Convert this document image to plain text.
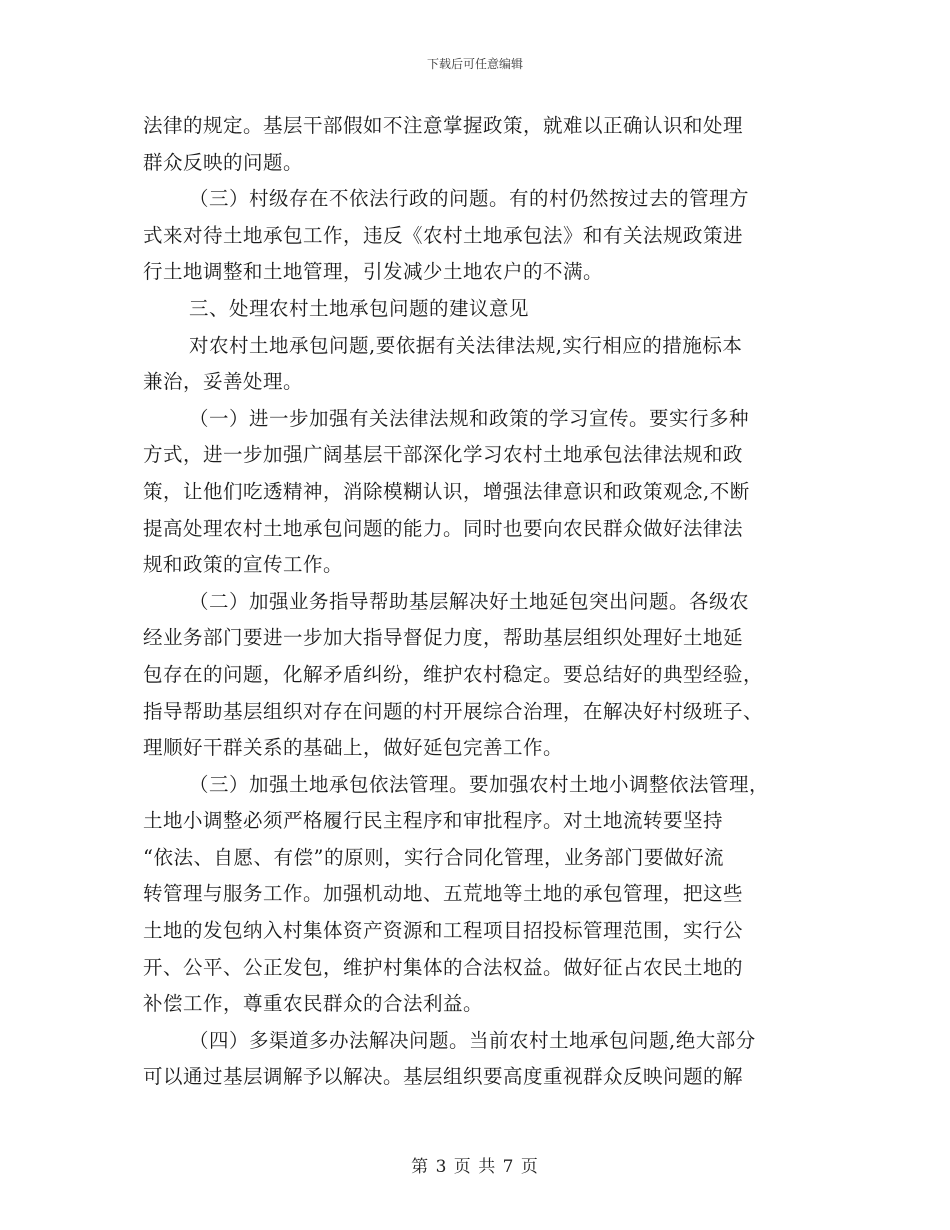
下载后可任意编辑
法律的规定。基层干部假如不注意掌握政策，就难以正确认识和处理
群众反映的问题。
（三）村级存在不依法行政的问题。有的村仍然按过去的管理方
式来对待土地承包工作，违反《农村土地承包法》和有关法规政策进
行土地调整和土地管理，引发减少土地农户的不满。
三、处理农村土地承包问题的建议意见
对农村土地承包问题,要依据有关法律法规,实行相应的措施标本
兼治，妥善处理。
（一）进一步加强有关法律法规和政策的学习宣传。要实行多种
方式，进一步加强广阔基层干部深化学习农村土地承包法律法规和政
策，让他们吃透精神，消除模糊认识，增强法律意识和政策观念,不断
提高处理农村土地承包问题的能力。同时也要向农民群众做好法律法
规和政策的宣传工作。
（二）加强业务指导帮助基层解决好土地延包突出问题。各级农
经业务部门要进一步加大指导督促力度，帮助基层组织处理好土地延
包存在的问题，化解矛盾纠纷，维护农村稳定。要总结好的典型经验，
指导帮助基层组织对存在问题的村开展综合治理，在解决好村级班子、
理顺好干群关系的基础上，做好延包完善工作。
（三）加强土地承包依法管理。要加强农村土地小调整依法管理，
土地小调整必须严格履行民主程序和审批程序。对土地流转要坚持
“依法、自愿、有偿”的原则，实行合同化管理，业务部门要做好流
转管理与服务工作。加强机动地、五荒地等土地的承包管理，把这些
土地的发包纳入村集体资产资源和工程项目招投标管理范围，实行公
开、公平、公正发包，维护村集体的合法权益。做好征占农民土地的
补偿工作，尊重农民群众的合法利益。
（四）多渠道多办法解决问题。当前农村土地承包问题,绝大部分
可以通过基层调解予以解决。基层组织要高度重视群众反映问题的解
第 3 页 共 7 页
